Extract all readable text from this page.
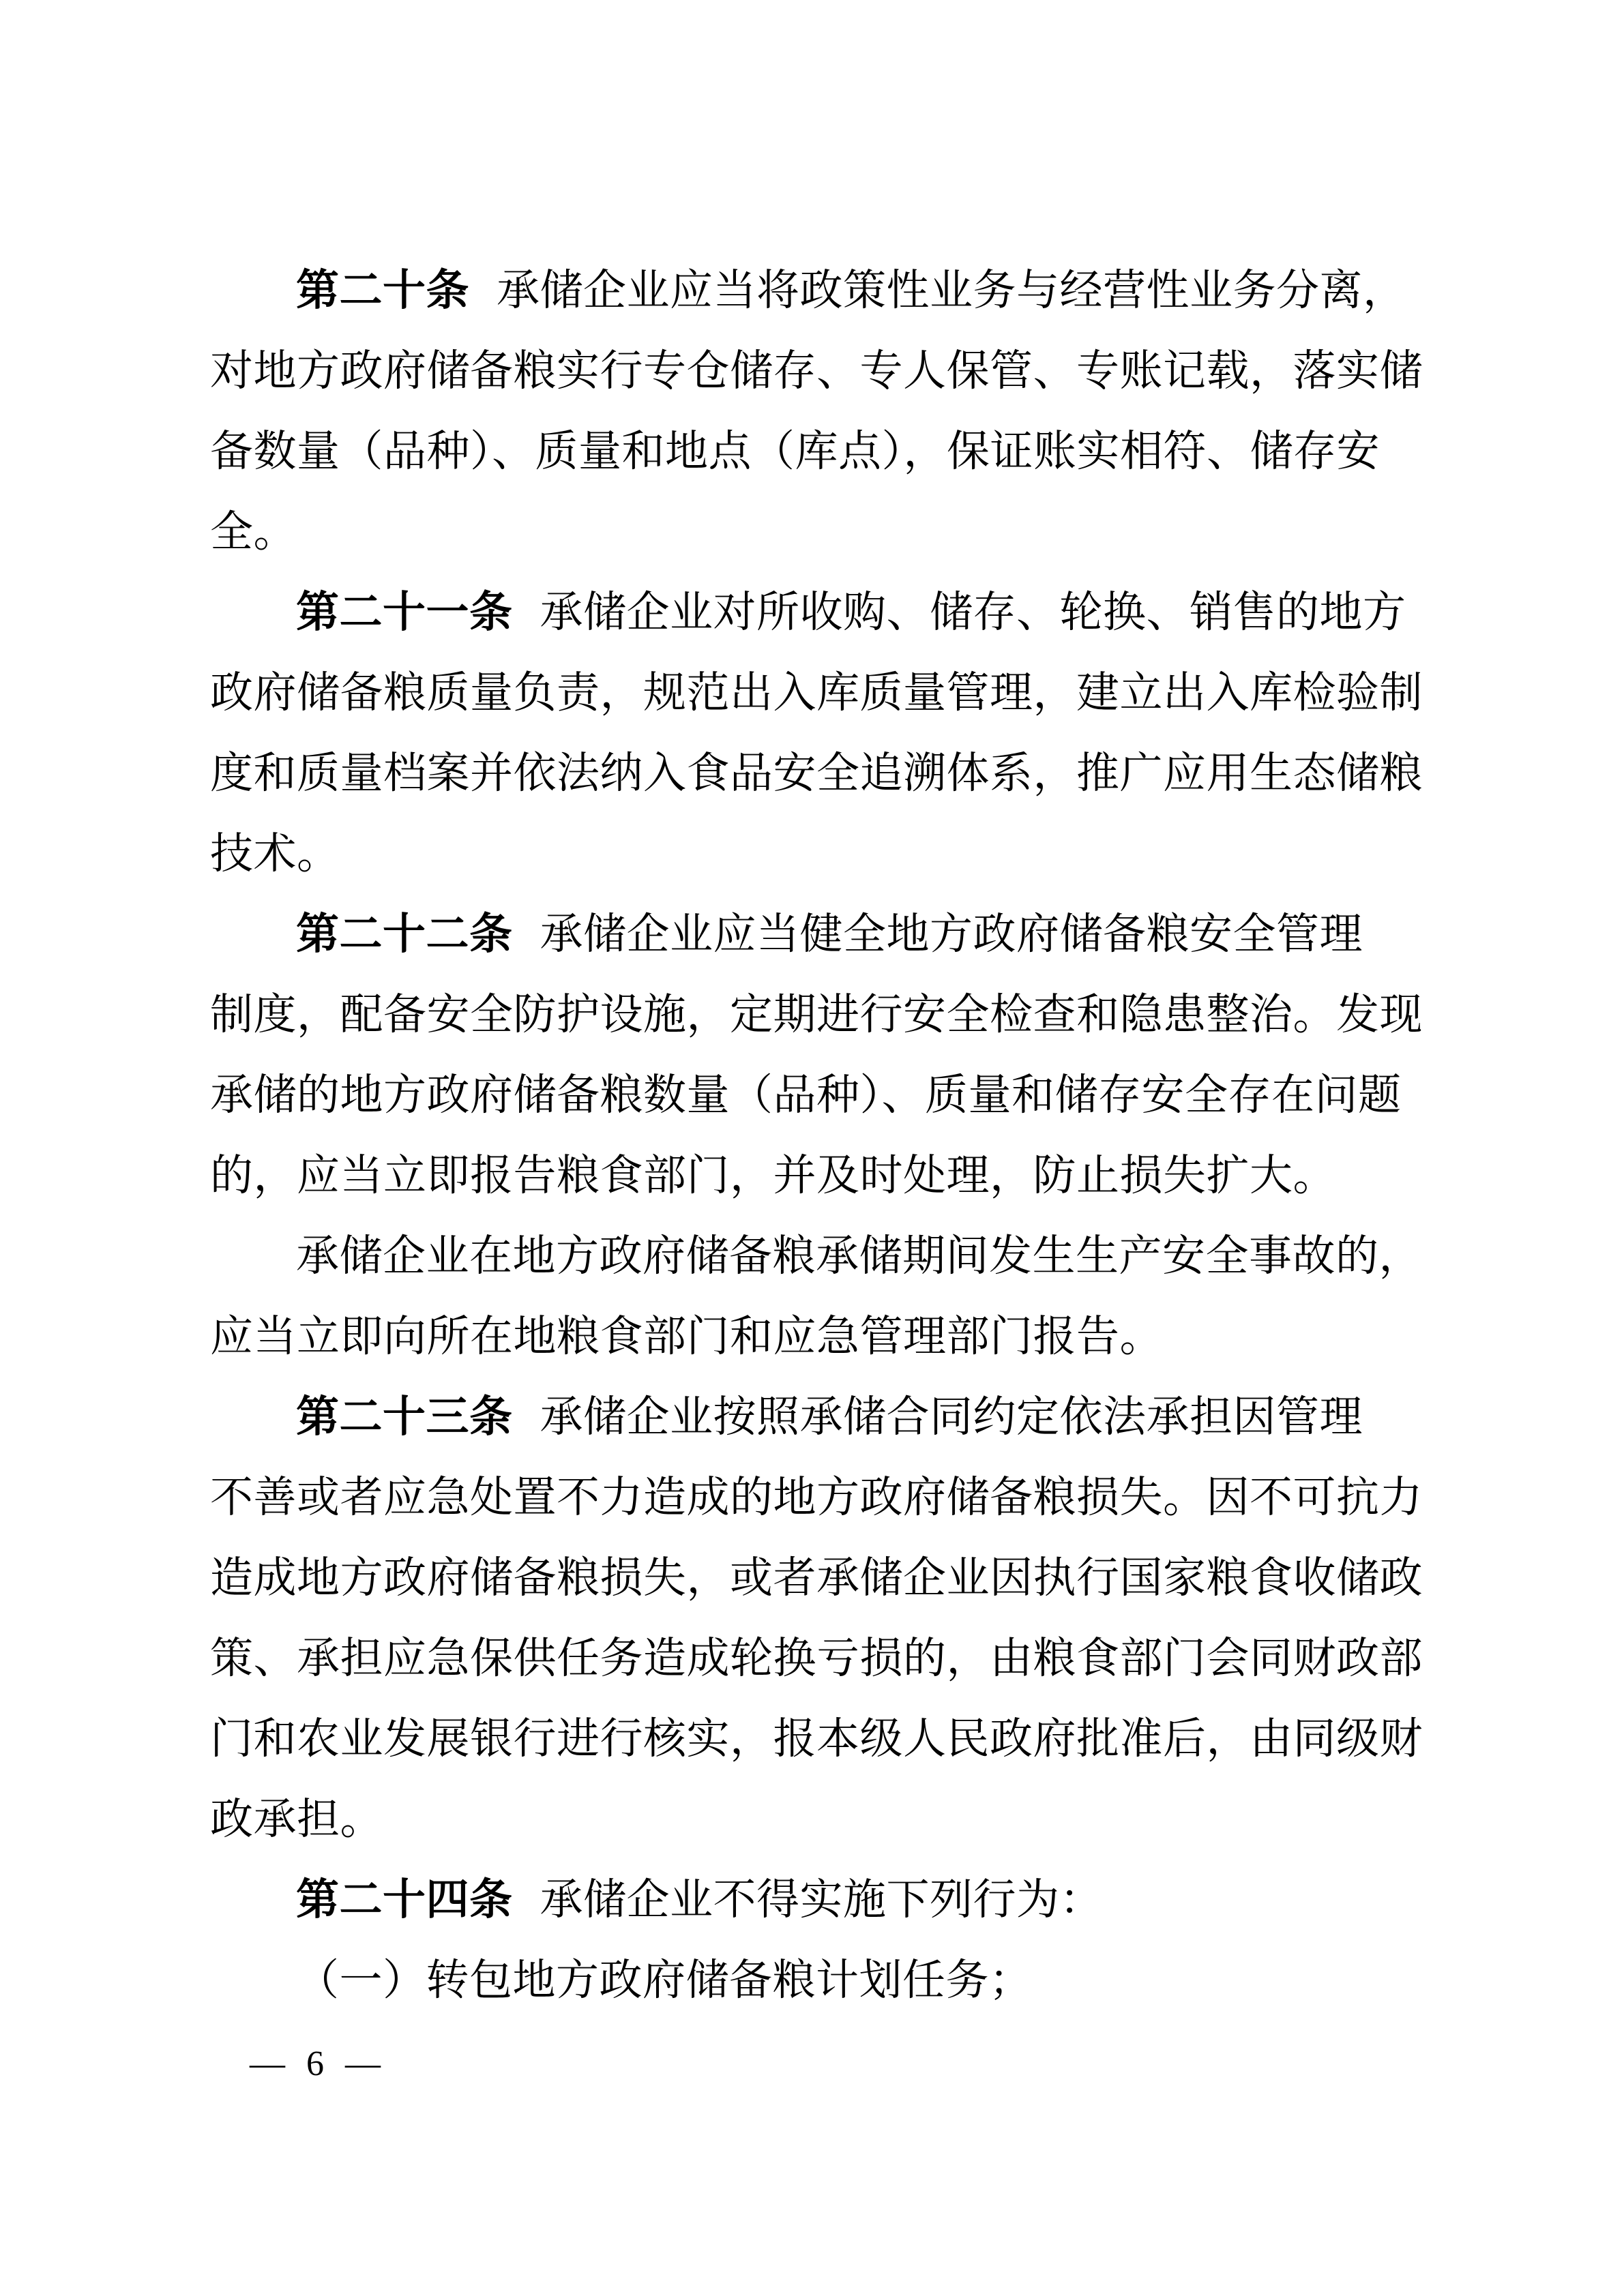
第二十条 承储企业应当将政策性业务与经营性业务分离，
对地方政府储备粮实行专仓储存、专人保管、专账记载，落实储
备数量（品种）、质量和地点（库点），保证账实相符、储存安
全。
第二十一条 承储企业对所收购、储存、轮换、销售的地方
政府储备粮质量负责，规范出入库质量管理，建立出入库检验制
度和质量档案并依法纳入食品安全追溯体系，推广应用生态储粮
技术。
第二十二条 承储企业应当健全地方政府储备粮安全管理
制度，配备安全防护设施，定期进行安全检查和隐患整治。发现
承储的地方政府储备粮数量（品种）、质量和储存安全存在问题
的，应当立即报告粮食部门，并及时处理，防止损失扩大。
承储企业在地方政府储备粮承储期间发生生产安全事故的，
应当立即向所在地粮食部门和应急管理部门报告。
第二十三条 承储企业按照承储合同约定依法承担因管理
不善或者应急处置不力造成的地方政府储备粮损失。因不可抗力
造成地方政府储备粮损失，或者承储企业因执行国家粮食收储政
策、承担应急保供任务造成轮换亏损的，由粮食部门会同财政部
门和农业发展银行进行核实，报本级人民政府批准后，由同级财
政承担。
第二十四条 承储企业不得实施下列行为：
（一）转包地方政府储备粮计划任务；
— 6 —
